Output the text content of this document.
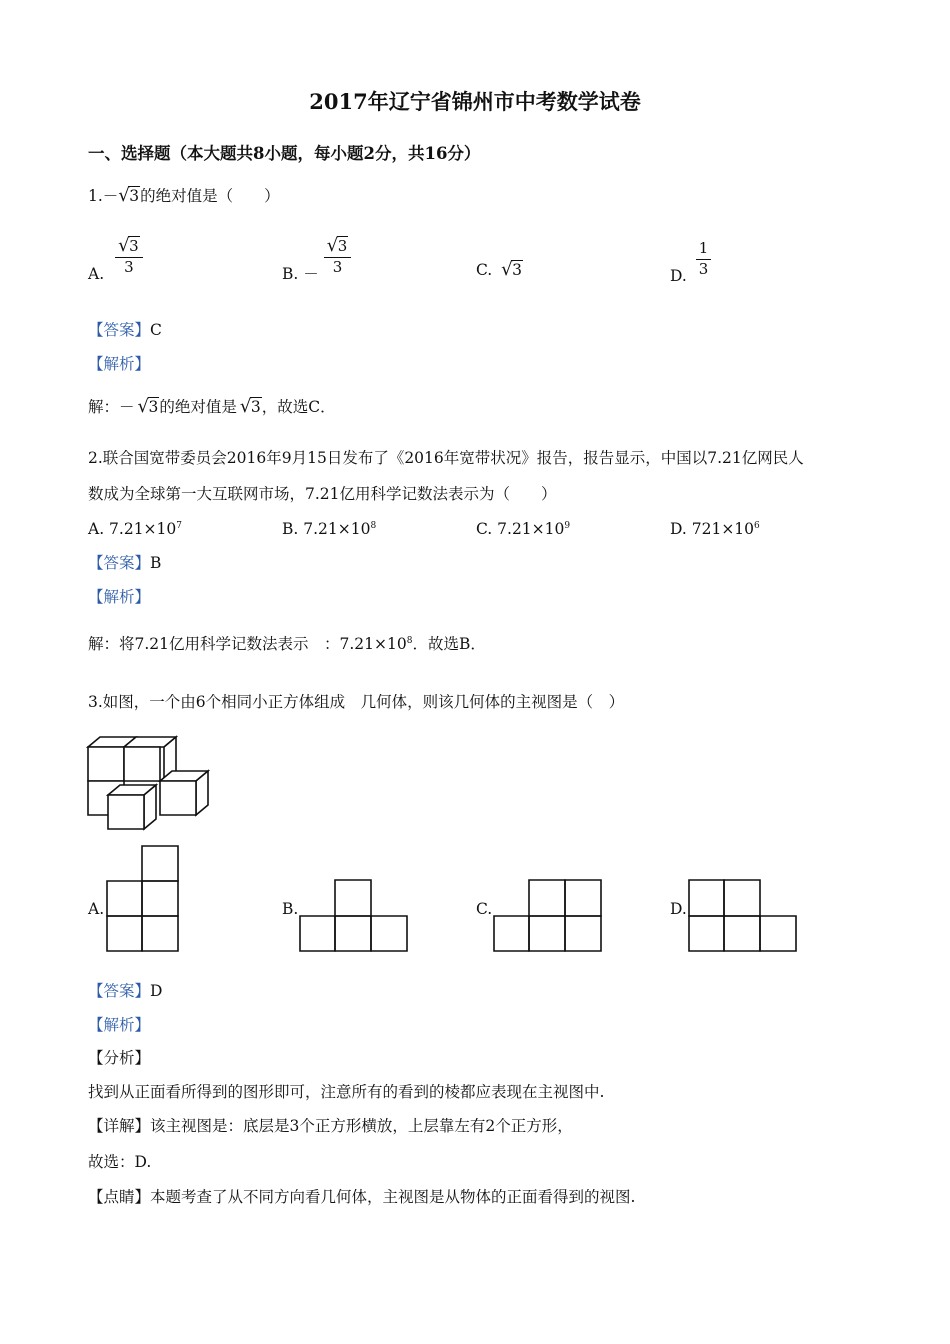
2017年辽宁省锦州市中考数学试卷
一、选择题（本大题共8小题，每小题2分，共16分）
1.－ √ 3的绝对值是（　　）
A. $\frac{√ 3}{3}$	B. － $\frac{√ 3}{3}$	C. √ 3	D. $\frac{1}{3}$
【答案】C
【解析】
解：－ √ 3的绝对值是 √ 3，故选C．
2.联合国宽带委员会2016年9月15日发布了《2016年宽带状况》报告，报告显示，中国以7.21亿网民人
数成为全球第一大互联网市场，7.21亿用科学记数法表示为（　　）
A. $7.21\times 10^7$	B. $7.21\times 10^8$	C. $7.21\times 10^9$	D. $721\times 10^6$
【答案】B
【解析】
解：将7.21亿用科学记数法表示　：$7.21\times 10^8$．故选B．
3.如图，一个由6个相同小正方体组成　几何体，则该几何体的主视图是（　）
A.	B.	C.	D.
【答案】D
【解析】
【分析】
找到从正面看所得到的图形即可，注意所有的看到的棱都应表现在主视图中.
【详解】该主视图是：底层是3个正方形横放，上层靠左有2个正方形，
故选：D.
【点睛】本题考查了从不同方向看几何体，主视图是从物体的正面看得到的视图.
